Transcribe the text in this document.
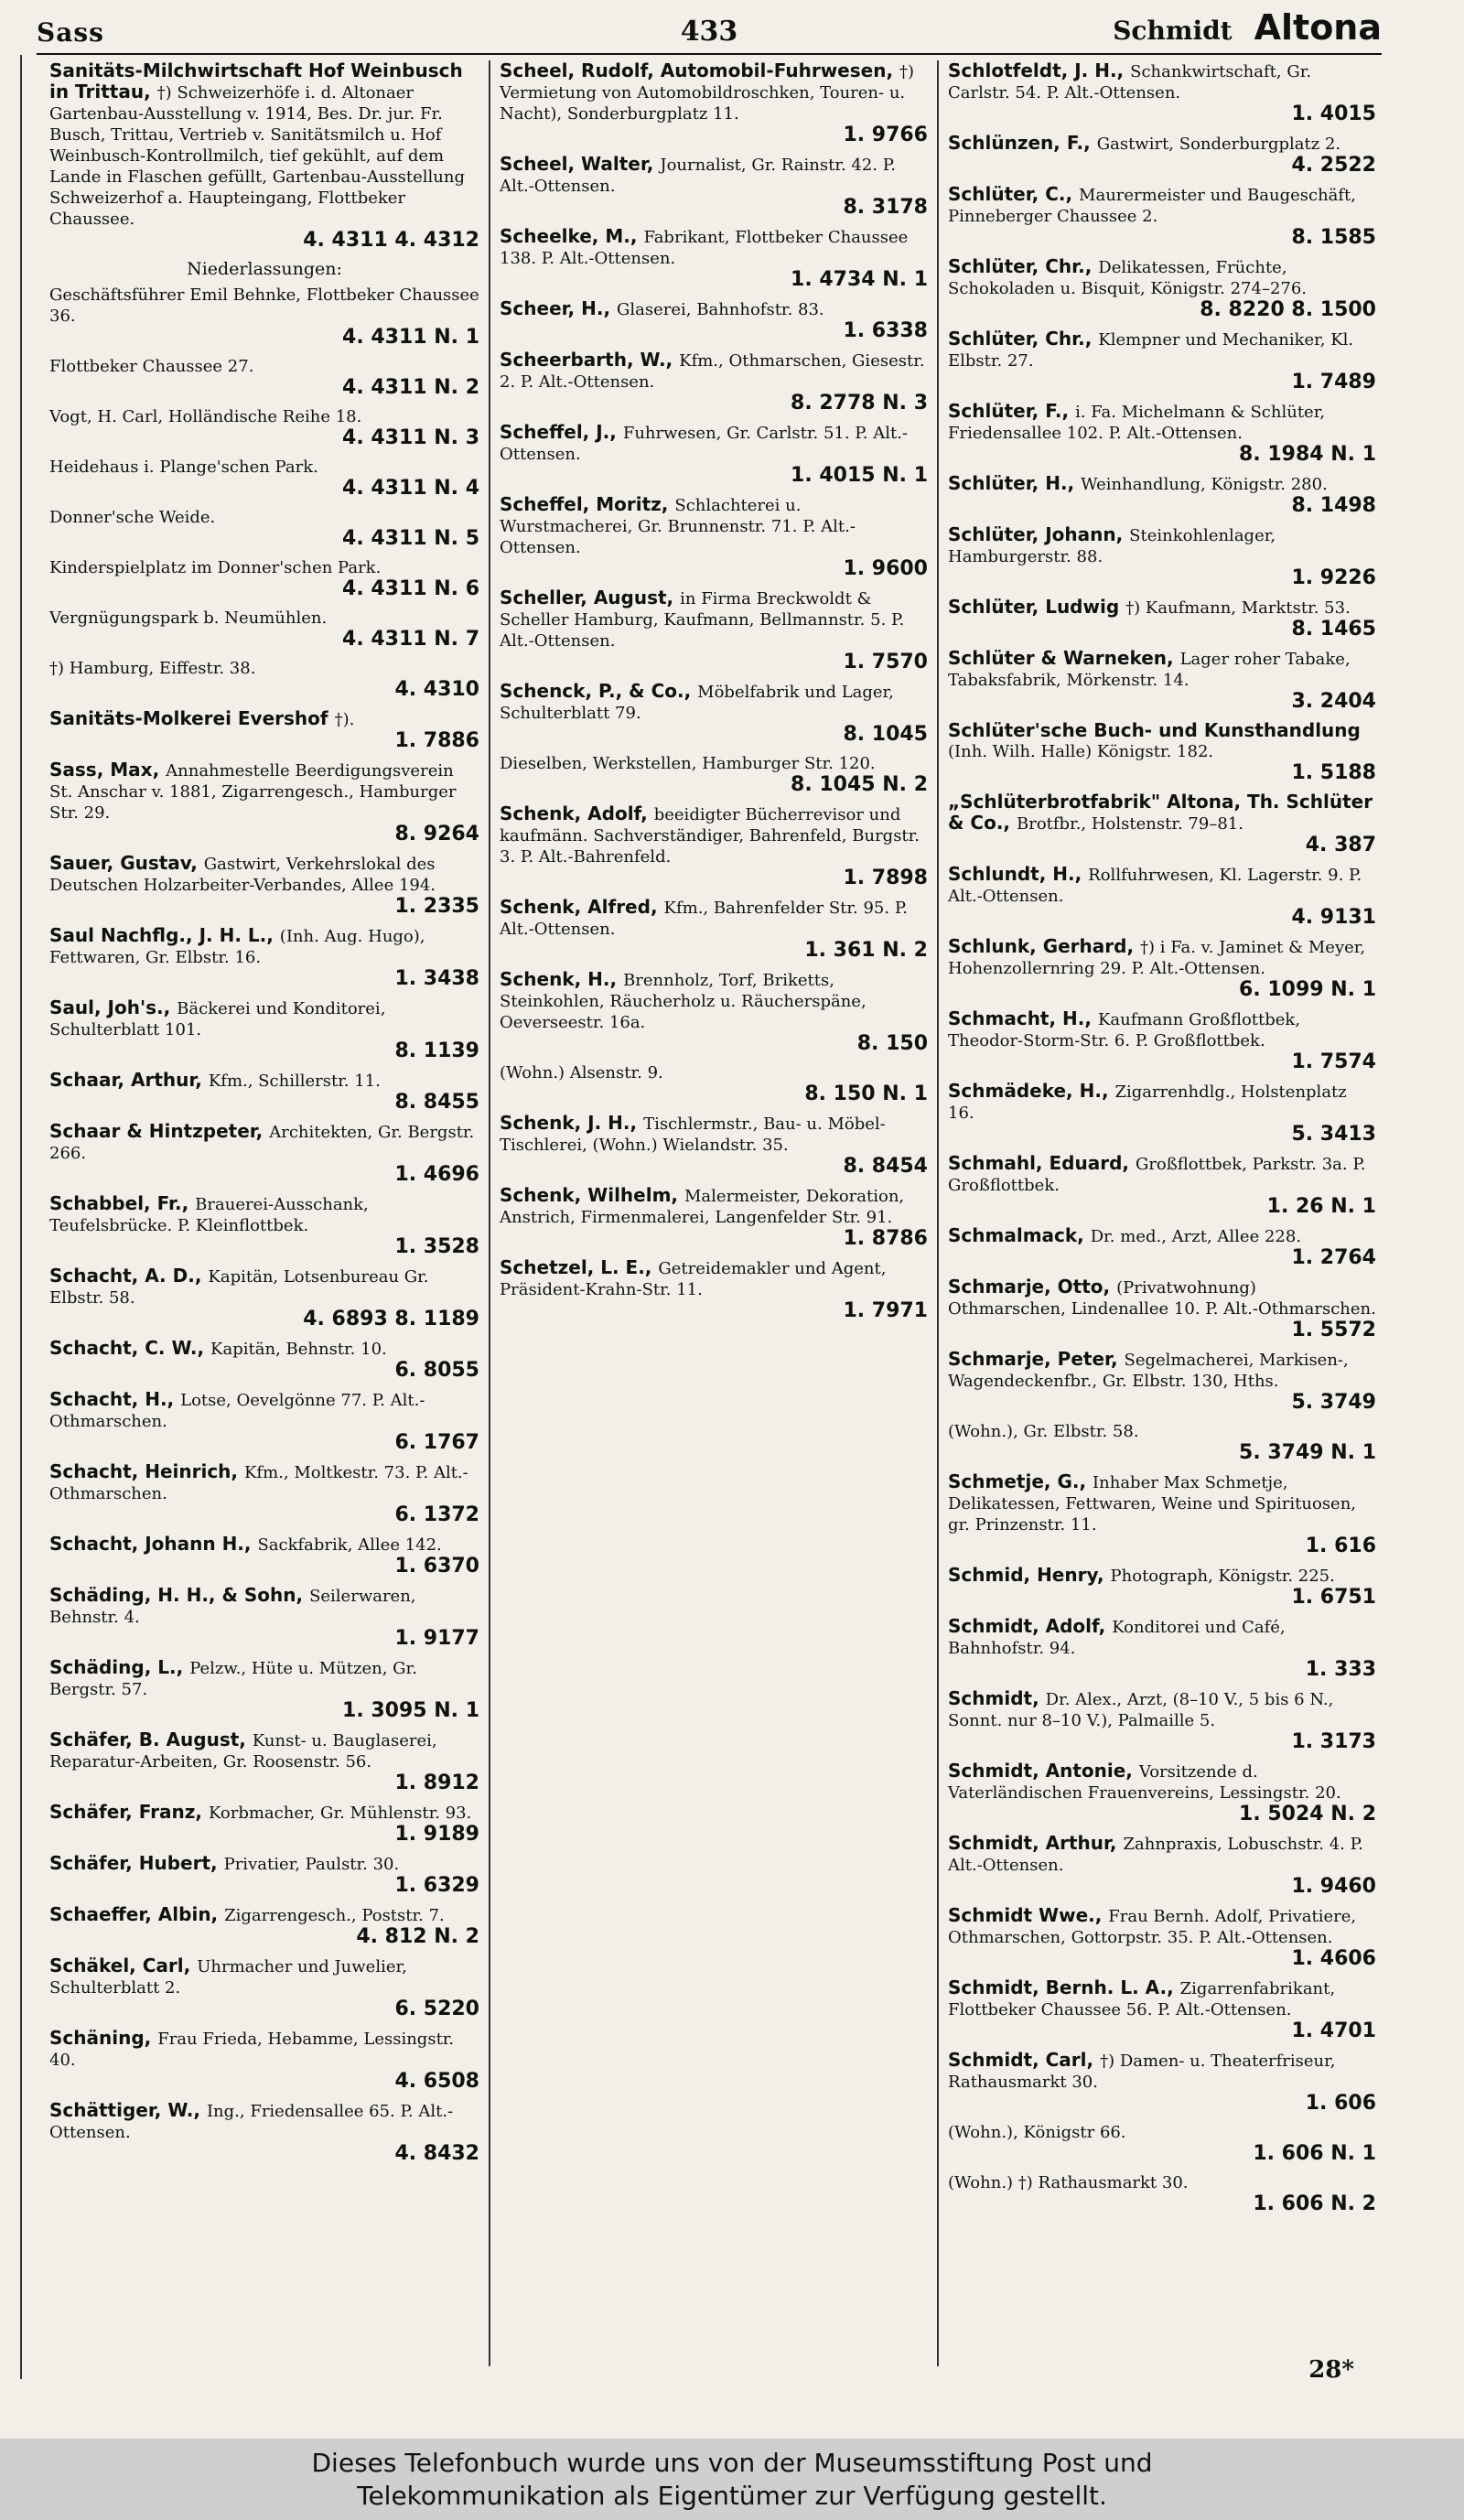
Sass	433	Schmidt Altona
Sanitäts-Milchwirtschaft Hof Weinbusch in Trittau, †) Schweizerhöfe i. d. Altonaer Gartenbau-Ausstellung v. 1914, Bes. Dr. jur. Fr. Busch, Trittau, Vertrieb v. Sanitätsmilch u. Hof Weinbusch-Kontrollmilch, tief gekühlt, auf dem Lande in Flaschen gefüllt, Gartenbau-Ausstellung Schweizerhof a. Haupteingang, Flottbeker Chaussee.
4. 4311 4. 4312
Niederlassungen:
Geschäftsführer Emil Behnke, Flottbeker Chaussee 36.
4. 4311 N. 1
Flottbeker Chaussee 27.
4. 4311 N. 2
Vogt, H. Carl, Holländische Reihe 18.
4. 4311 N. 3
Heidehaus i. Plange'schen Park.
4. 4311 N. 4
Donner'sche Weide.
4. 4311 N. 5
Kinderspielplatz im Donner'schen Park.
4. 4311 N. 6
Vergnügungspark b. Neumühlen.
4. 4311 N. 7
†) Hamburg, Eiffestr. 38.
4. 4310
Sanitäts-Molkerei Evershof †).
1. 7886
Sass, Max, Annahmestelle Beerdigungsverein St. Anschar v. 1881, Zigarrengesch., Hamburger Str. 29.
8. 9264
Sauer, Gustav, Gastwirt, Verkehrslokal des Deutschen Holzarbeiter-Verbandes, Allee 194.
1. 2335
Saul Nachflg., J. H. L., (Inh. Aug. Hugo), Fettwaren, Gr. Elbstr. 16.
1. 3438
Saul, Joh's., Bäckerei und Konditorei, Schulterblatt 101.
8. 1139
Schaar, Arthur, Kfm., Schillerstr. 11.
8. 8455
Schaar & Hintzpeter, Architekten, Gr. Bergstr. 266.
1. 4696
Schabbel, Fr., Brauerei-Ausschank, Teufelsbrücke. P. Kleinflottbek.
1. 3528
Schacht, A. D., Kapitän, Lotsenbureau Gr. Elbstr. 58.
4. 6893 8. 1189
Schacht, C. W., Kapitän, Behnstr. 10.
6. 8055
Schacht, H., Lotse, Oevelgönne 77. P. Alt.-Othmarschen.
6. 1767
Schacht, Heinrich, Kfm., Moltkestr. 73. P. Alt.-Othmarschen.
6. 1372
Schacht, Johann H., Sackfabrik, Allee 142.
1. 6370
Schäding, H. H., & Sohn, Seilerwaren, Behnstr. 4.
1. 9177
Schäding, L., Pelzw., Hüte u. Mützen, Gr. Bergstr. 57.
1. 3095 N. 1
Schäfer, B. August, Kunst- u. Bauglaserei, Reparatur-Arbeiten, Gr. Roosenstr. 56.
1. 8912
Schäfer, Franz, Korbmacher, Gr. Mühlenstr. 93.
1. 9189
Schäfer, Hubert, Privatier, Paulstr. 30.
1. 6329
Schaeffer, Albin, Zigarrengesch., Poststr. 7.
4. 812 N. 2
Schäkel, Carl, Uhrmacher und Juwelier, Schulterblatt 2.
6. 5220
Schäning, Frau Frieda, Hebamme, Lessingstr. 40.
4. 6508
Schättiger, W., Ing., Friedensallee 65. P. Alt.-Ottensen.
4. 8432
Scheel, Rudolf, Automobil-Fuhrwesen, †) Vermietung von Automobildroschken, Touren- u. Nacht), Sonderburgplatz 11.
1. 9766
Scheel, Walter, Journalist, Gr. Rainstr. 42. P. Alt.-Ottensen.
8. 3178
Scheelke, M., Fabrikant, Flottbeker Chaussee 138. P. Alt.-Ottensen.
1. 4734 N. 1
Scheer, H., Glaserei, Bahnhofstr. 83.
1. 6338
Scheerbarth, W., Kfm., Othmarschen, Giesestr. 2. P. Alt.-Ottensen.
8. 2778 N. 3
Scheffel, J., Fuhrwesen, Gr. Carlstr. 51. P. Alt.-Ottensen.
1. 4015 N. 1
Scheffel, Moritz, Schlachterei u. Wurstmacherei, Gr. Brunnenstr. 71. P. Alt.-Ottensen.
1. 9600
Scheller, August, in Firma Breckwoldt & Scheller Hamburg, Kaufmann, Bellmannstr. 5. P. Alt.-Ottensen.
1. 7570
Schenck, P., & Co., Möbelfabrik und Lager, Schulterblatt 79.
8. 1045
Dieselben, Werkstellen, Hamburger Str. 120.
8. 1045 N. 2
Schenk, Adolf, beeidigter Bücherrevisor und kaufmänn. Sachverständiger, Bahrenfeld, Burgstr. 3. P. Alt.-Bahrenfeld.
1. 7898
Schenk, Alfred, Kfm., Bahrenfelder Str. 95. P. Alt.-Ottensen.
1. 361 N. 2
Schenk, H., Brennholz, Torf, Briketts, Steinkohlen, Räucherholz u. Räucherspäne, Oeverseestr. 16a.
8. 150
(Wohn.) Alsenstr. 9.
8. 150 N. 1
Schenk, J. H., Tischlermstr., Bau- u. Möbel-Tischlerei, (Wohn.) Wielandstr. 35.
8. 8454
Schenk, Wilhelm, Malermeister, Dekoration, Anstrich, Firmenmalerei, Langenfelder Str. 91.
1. 8786
Schetzel, L. E., Getreidemakler und Agent, Präsident-Krahn-Str. 11.
1. 7971
Schlotfeldt, J. H., Schankwirtschaft, Gr. Carlstr. 54. P. Alt.-Ottensen.
1. 4015
Schlünzen, F., Gastwirt, Sonderburgplatz 2.
4. 2522
Schlüter, C., Maurermeister und Baugeschäft, Pinneberger Chaussee 2.
8. 1585
Schlüter, Chr., Delikatessen, Früchte, Schokoladen u. Bisquit, Königstr. 274–276.
8. 8220 8. 1500
Schlüter, Chr., Klempner und Mechaniker, Kl. Elbstr. 27.
1. 7489
Schlüter, F., i. Fa. Michelmann & Schlüter, Friedensallee 102. P. Alt.-Ottensen.
8. 1984 N. 1
Schlüter, H., Weinhandlung, Königstr. 280.
8. 1498
Schlüter, Johann, Steinkohlenlager, Hamburgerstr. 88.
1. 9226
Schlüter, Ludwig †) Kaufmann, Marktstr. 53.
8. 1465
Schlüter & Warneken, Lager roher Tabake, Tabaksfabrik, Mörkenstr. 14.
3. 2404
Schlüter'sche Buch- und Kunsthandlung (Inh. Wilh. Halle) Königstr. 182.
1. 5188
„Schlüterbrotfabrik" Altona, Th. Schlüter & Co., Brotfbr., Holstenstr. 79–81.
4. 387
Schlundt, H., Rollfuhrwesen, Kl. Lagerstr. 9. P. Alt.-Ottensen.
4. 9131
Schlunk, Gerhard, †) i Fa. v. Jaminet & Meyer, Hohenzollernring 29. P. Alt.-Ottensen.
6. 1099 N. 1
Schmacht, H., Kaufmann Großflottbek, Theodor-Storm-Str. 6. P. Großflottbek.
1. 7574
Schmädeke, H., Zigarrenhdlg., Holstenplatz 16.
5. 3413
Schmahl, Eduard, Großflottbek, Parkstr. 3a. P. Großflottbek.
1. 26 N. 1
Schmalmack, Dr. med., Arzt, Allee 228.
1. 2764
Schmarje, Otto, (Privatwohnung) Othmarschen, Lindenallee 10. P. Alt.-Othmarschen.
1. 5572
Schmarje, Peter, Segelmacherei, Markisen-, Wagendeckenfbr., Gr. Elbstr. 130, Hths.
5. 3749
(Wohn.), Gr. Elbstr. 58.
5. 3749 N. 1
Schmetje, G., Inhaber Max Schmetje, Delikatessen, Fettwaren, Weine und Spirituosen, gr. Prinzenstr. 11.
1. 616
Schmid, Henry, Photograph, Königstr. 225.
1. 6751
Schmidt, Adolf, Konditorei und Café, Bahnhofstr. 94.
1. 333
Schmidt, Dr. Alex., Arzt, (8–10 V., 5 bis 6 N., Sonnt. nur 8–10 V.), Palmaille 5.
1. 3173
Schmidt, Antonie, Vorsitzende d. Vaterländischen Frauenvereins, Lessingstr. 20.
1. 5024 N. 2
Schmidt, Arthur, Zahnpraxis, Lobuschstr. 4. P. Alt.-Ottensen.
1. 9460
Schmidt Wwe., Frau Bernh. Adolf, Privatiere, Othmarschen, Gottorpstr. 35. P. Alt.-Ottensen.
1. 4606
Schmidt, Bernh. L. A., Zigarrenfabrikant, Flottbeker Chaussee 56. P. Alt.-Ottensen.
1. 4701
Schmidt, Carl, †) Damen- u. Theaterfriseur, Rathausmarkt 30.
1. 606
(Wohn.), Königstr 66.
1. 606 N. 1
(Wohn.) †) Rathausmarkt 30.
1. 606 N. 2
28*
Dieses Telefonbuch wurde uns von der Museumsstiftung Post und
Telekommunikation als Eigentümer zur Verfügung gestellt.
